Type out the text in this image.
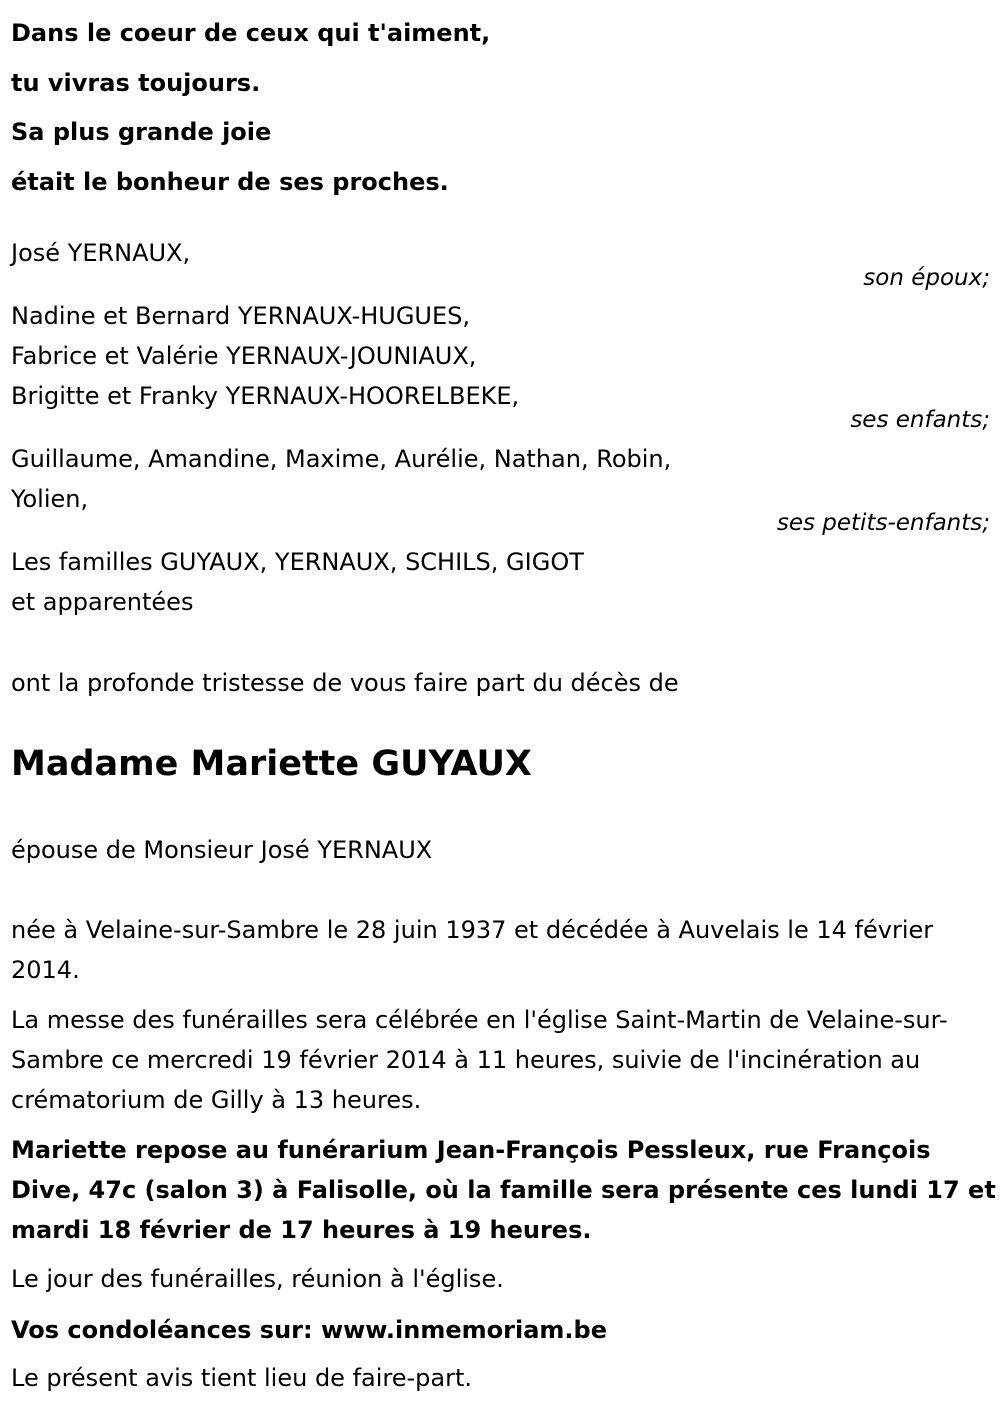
Dans le coeur de ceux qui t'aiment,
tu vivras toujours.
Sa plus grande joie
était le bonheur de ses proches.
José YERNAUX,
son époux;
Nadine et Bernard YERNAUX-HUGUES,
Fabrice et Valérie YERNAUX-JOUNIAUX,
Brigitte et Franky YERNAUX-HOORELBEKE,
ses enfants;
Guillaume, Amandine, Maxime, Aurélie, Nathan, Robin,
Yolien,
ses petits-enfants;
Les familles GUYAUX, YERNAUX, SCHILS, GIGOT
et apparentées
ont la profonde tristesse de vous faire part du décès de
Madame Mariette GUYAUX
épouse de Monsieur José YERNAUX
née à Velaine-sur-Sambre le 28 juin 1937 et décédée à Auvelais le 14 février 2014.
La messe des funérailles sera célébrée en l'église Saint-Martin de Velaine-sur-Sambre ce mercredi 19 février 2014 à 11 heures, suivie de l'incinération au crématorium de Gilly à 13 heures.
Mariette repose au funérarium Jean-François Pessleux, rue François Dive, 47c (salon 3) à Falisolle, où la famille sera présente ces lundi 17 et mardi 18 février de 17 heures à 19 heures.
Le jour des funérailles, réunion à l'église.
Vos condoléances sur: www.inmemoriam.be
Le présent avis tient lieu de faire-part.
